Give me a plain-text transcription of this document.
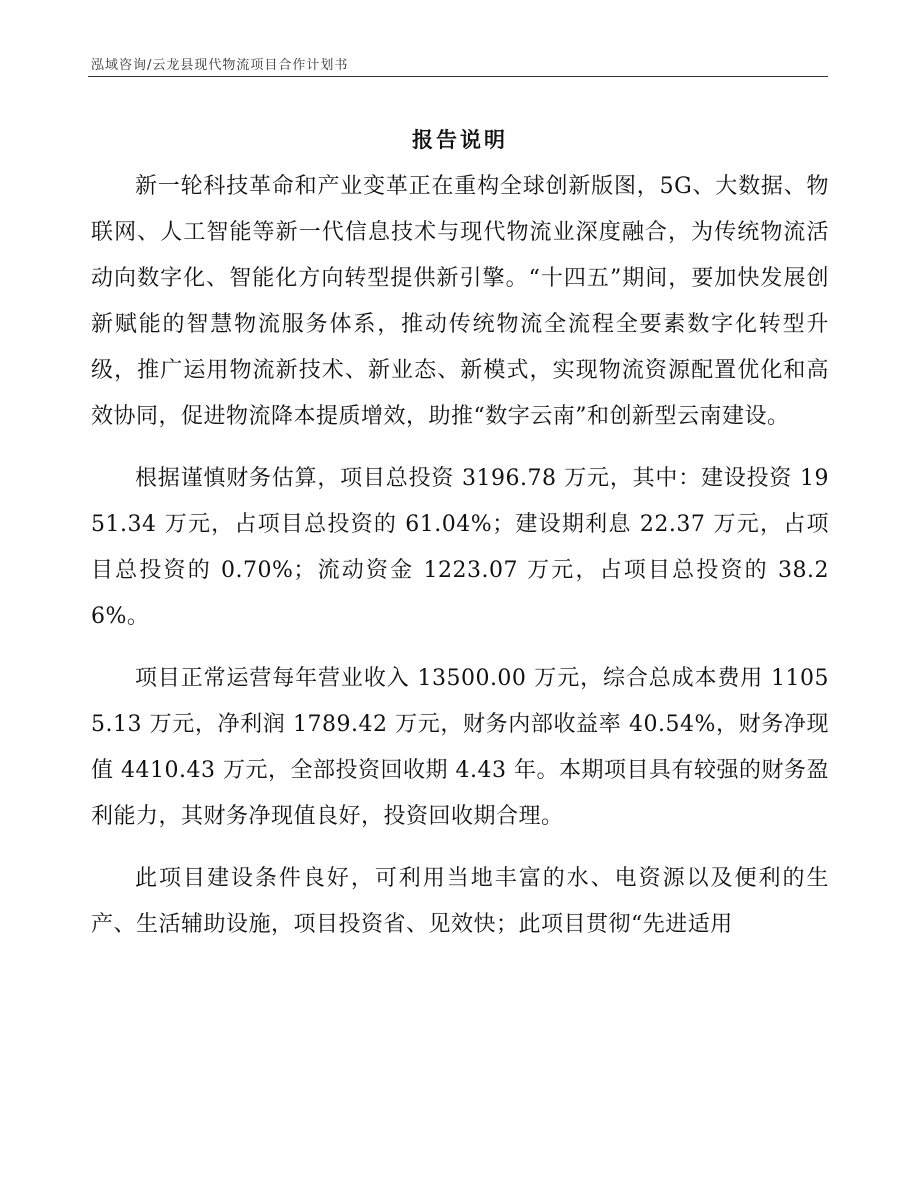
泓域咨询/云龙县现代物流项目合作计划书
报告说明

新一轮科技革命和产业变革正在重构全球创新版图，5G、大数据、物联网、人工智能等新一代信息技术与现代物流业深度融合，为传统物流活动向数字化、智能化方向转型提供新引擎。“十四五”期间，要加快发展创新赋能的智慧物流服务体系，推动传统物流全流程全要素数字化转型升级，推广运用物流新技术、新业态、新模式，实现物流资源配置优化和高效协同，促进物流降本提质增效，助推“数字云南”和创新型云南建设。

根据谨慎财务估算，项目总投资 3196.78 万元，其中：建设投资 1951.34 万元，占项目总投资的 61.04%；建设期利息 22.37 万元，占项目总投资的 0.70%；流动资金 1223.07 万元，占项目总投资的 38.26%。

项目正常运营每年营业收入 13500.00 万元，综合总成本费用 11055.13 万元，净利润 1789.42 万元，财务内部收益率 40.54%，财务净现值 4410.43 万元，全部投资回收期 4.43 年。本期项目具有较强的财务盈利能力，其财务净现值良好，投资回收期合理。

此项目建设条件良好，可利用当地丰富的水、电资源以及便利的生产、生活辅助设施，项目投资省、见效快；此项目贯彻“先进适用
